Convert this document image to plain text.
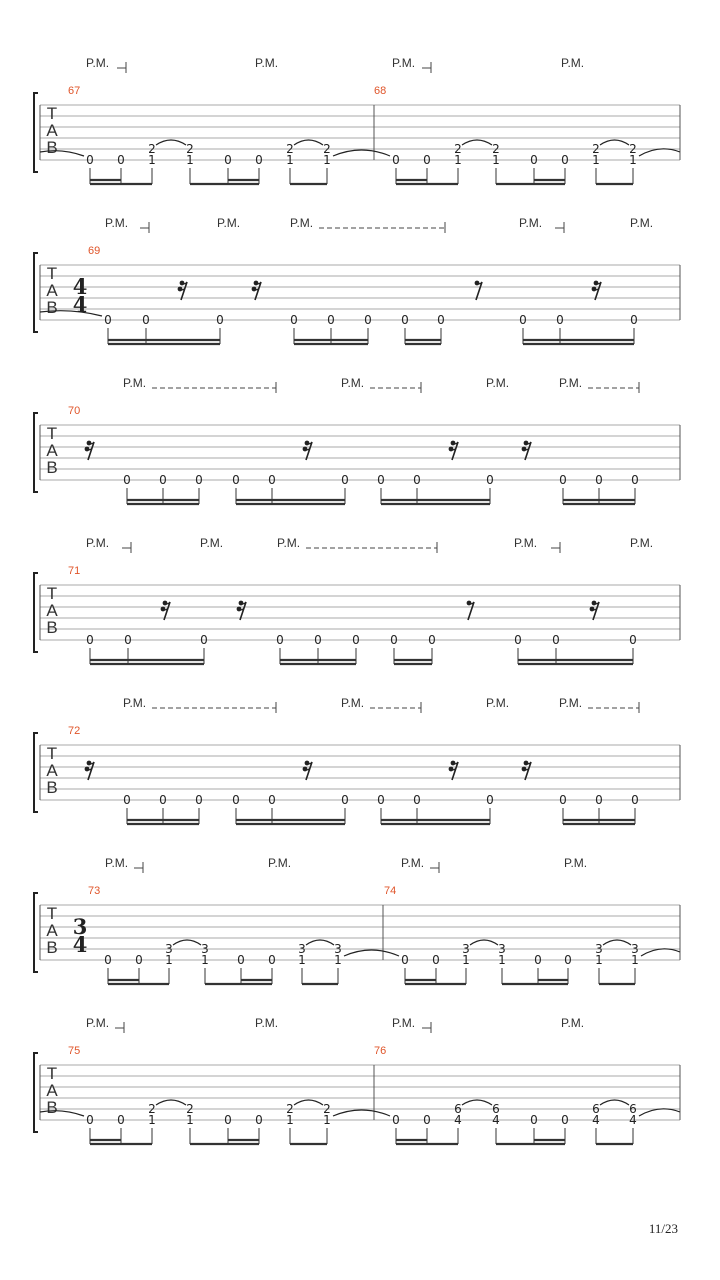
T
A
B
67	68
P.M.	P.M.	P.M.	P.M.
0 0
2
1
2
1	0 0
2
1
2
1	0 0
2
1
2
1	0 0
2
1
2
1
T
A
B
69
4
4
P.M.	P.M.	P.M.	P.M.	P.M.
0	0	0	0 0 0 0 0	0 0	0
T
A
B
70
P.M.	P.M.	P.M.	P.M.
0 0 0 0 0	0 0 0	0	0 0 0
T
A
B
71
P.M.	P.M.	P.M.	P.M.	P.M.
0	0	0	0	0	0	0	0	0	0	0
T
A
B
72
P.M.	P.M.	P.M.	P.M.
0 0 0 0 0	0 0 0	0	0 0 0
T
A
B
73	74
3
4
P.M.	P.M.	P.M.	P.M.
0 0
3
1
3
1 0 0
3
1
3
1	0 0
3
1
3
1 0 0
3
1
3
1
T
A
B
75	76
P.M.	P.M.	P.M.	P.M.
0 0
2
1
2
1	0 0
2
1
2
1	0 0
6
4
6
4	0 0
6
4
6
4
11/23
